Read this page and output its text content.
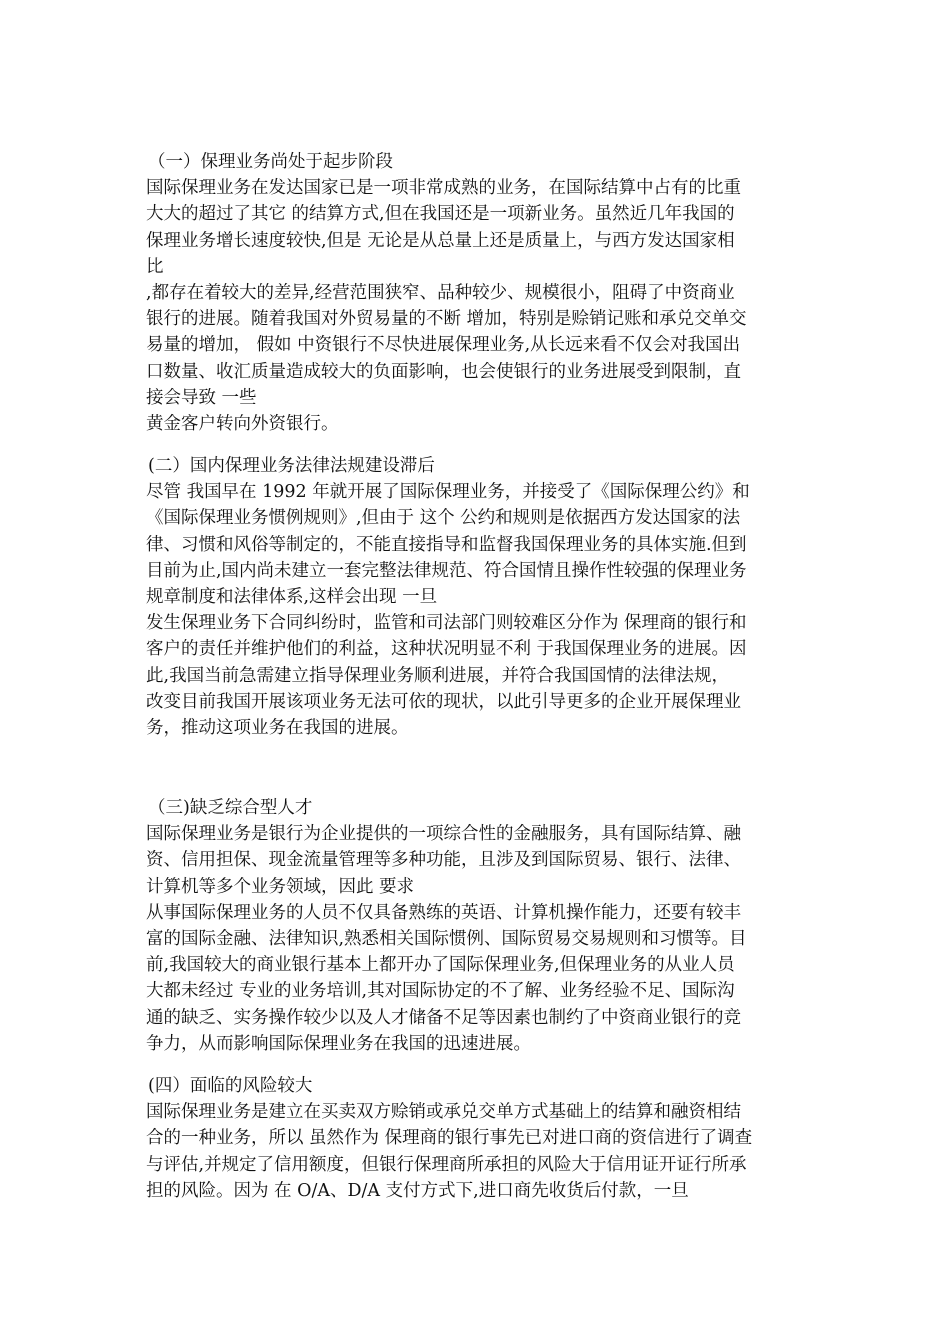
（一）保理业务尚处于起步阶段
国际保理业务在发达国家已是一项非常成熟的业务，在国际结算中占有的比重
大大的超过了其它 的结算方式,但在我国还是一项新业务。虽然近几年我国的
保理业务增长速度较快,但是 无论是从总量上还是质量上，与西方发达国家相
比
,都存在着较大的差异,经营范围狭窄、品种较少、规模很小，阻碍了中资商业
银行的进展。随着我国对外贸易量的不断 增加，特别是赊销记账和承兑交单交
易量的增加， 假如 中资银行不尽快进展保理业务,从长远来看不仅会对我国出
口数量、收汇质量造成较大的负面影响，也会使银行的业务进展受到限制，直
接会导致 一些
黄金客户转向外资银行。
(二）国内保理业务法律法规建设滞后
尽管 我国早在 1992 年就开展了国际保理业务，并接受了《国际保理公约》和
《国际保理业务惯例规则》,但由于 这个 公约和规则是依据西方发达国家的法
律、习惯和风俗等制定的，不能直接指导和监督我国保理业务的具体实施.但到
目前为止,国内尚未建立一套完整法律规范、符合国情且操作性较强的保理业务
规章制度和法律体系,这样会出现 一旦
发生保理业务下合同纠纷时，监管和司法部门则较难区分作为 保理商的银行和
客户的责任并维护他们的利益，这种状况明显不利 于我国保理业务的进展。因
此,我国当前急需建立指导保理业务顺利进展，并符合我国国情的法律法规，
改变目前我国开展该项业务无法可依的现状，以此引导更多的企业开展保理业
务，推动这项业务在我国的进展。
（三)缺乏综合型人才
国际保理业务是银行为企业提供的一项综合性的金融服务，具有国际结算、融
资、信用担保、现金流量管理等多种功能，且涉及到国际贸易、银行、法律、
计算机等多个业务领域，因此 要求
从事国际保理业务的人员不仅具备熟练的英语、计算机操作能力，还要有较丰
富的国际金融、法律知识,熟悉相关国际惯例、国际贸易交易规则和习惯等。目
前,我国较大的商业银行基本上都开办了国际保理业务,但保理业务的从业人员
大都未经过 专业的业务培训,其对国际协定的不了解、业务经验不足、国际沟
通的缺乏、实务操作较少以及人才储备不足等因素也制约了中资商业银行的竞
争力，从而影响国际保理业务在我国的迅速进展。
(四）面临的风险较大
国际保理业务是建立在买卖双方赊销或承兑交单方式基础上的结算和融资相结
合的一种业务，所以 虽然作为 保理商的银行事先已对进口商的资信进行了调查
与评估,并规定了信用额度，但银行保理商所承担的风险大于信用证开证行所承
担的风险。因为 在 O/A、D/A 支付方式下,进口商先收货后付款，一旦
